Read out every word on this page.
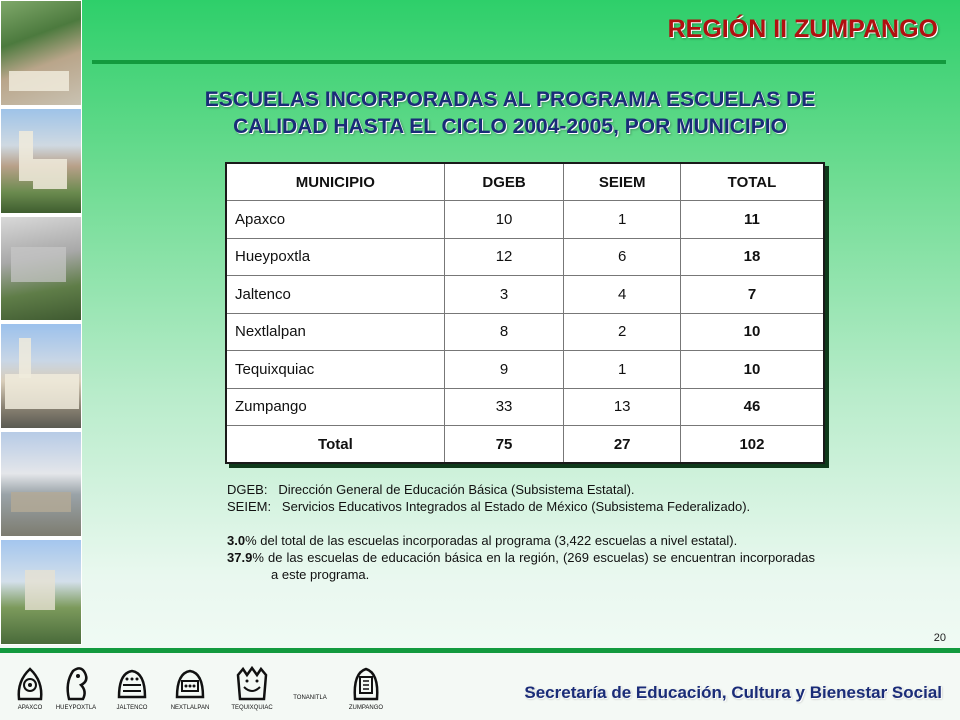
REGIÓN II ZUMPANGO
ESCUELAS INCORPORADAS AL PROGRAMA ESCUELAS DE
CALIDAD HASTA EL CICLO 2004-2005, POR MUNICIPIO
MUNICIPIO	DGEB	SEIEM	TOTAL
Apaxco	10	1	11
Hueypoxtla	12	6	18
Jaltenco	3	4	7
Nextlalpan	8	2	10
Tequixquiac	9	1	10
Zumpango	33	13	46
Total	75	27	102
DGEB: Dirección General de Educación Básica (Subsistema Estatal).
SEIEM: Servicios Educativos Integrados al Estado de México (Subsistema Federalizado).
3.0% del total de las escuelas incorporadas al programa (3,422 escuelas a nivel estatal).
37.9% de las escuelas de educación básica en la región, (269 escuelas) se encuentran incorporadas a este programa.
20
APAXCO	HUEYPOXTLA	JALTENCO	NEXTLALPAN	TEQUIXQUIAC
TONANITLA
ZUMPANGO
Secretaría de Educación, Cultura y Bienestar Social
